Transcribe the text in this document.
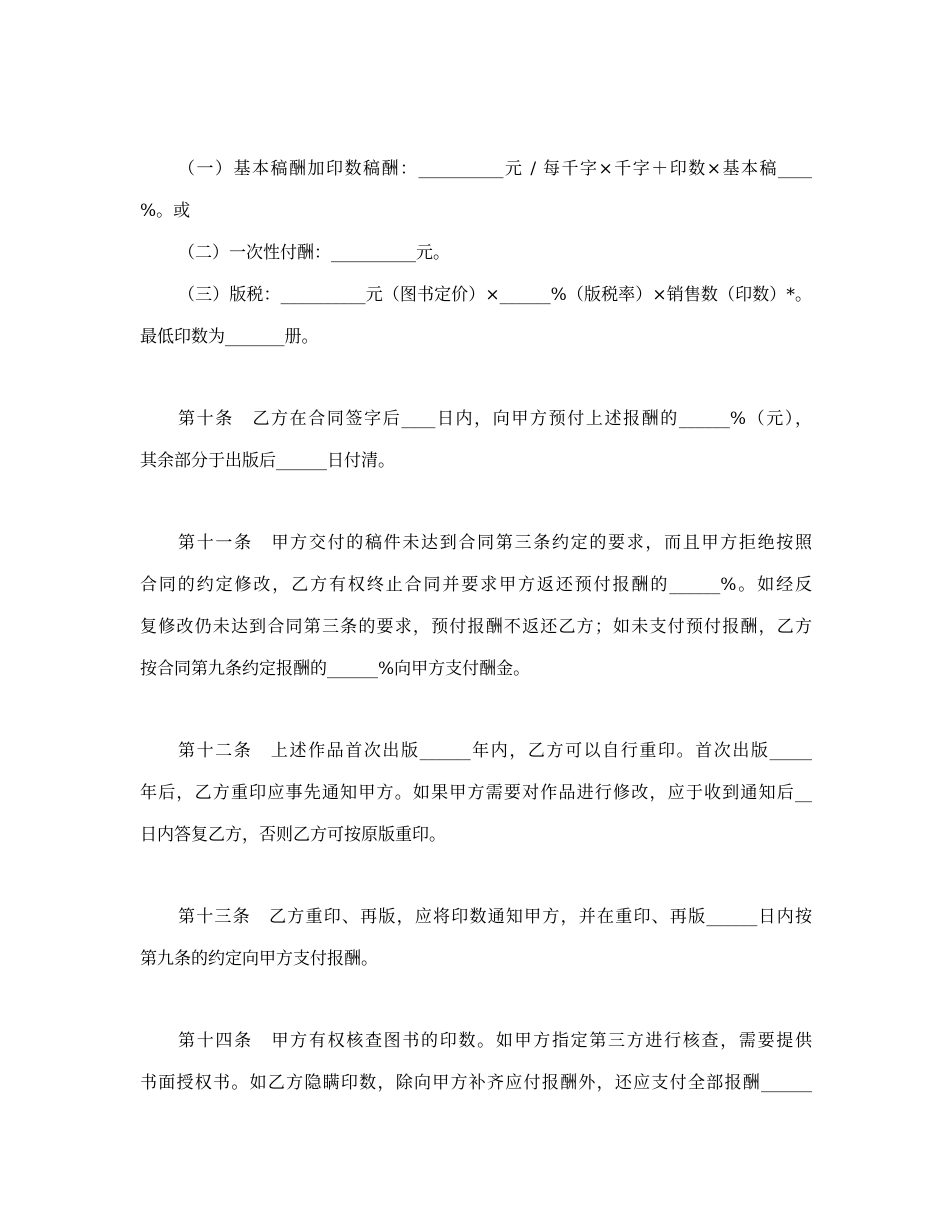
（一）基本稿酬加印数稿酬：__________元 / 每千字×千字＋印数×基本稿____
%。或
（二）一次性付酬：__________元。
（三）版税：__________元（图书定价）×______%（版税率）×销售数（印数）*。
最低印数为_______册。
第十条　乙方在合同签字后____日内，向甲方预付上述报酬的______%（元），
其余部分于出版后______日付清。
第十一条　甲方交付的稿件未达到合同第三条约定的要求，而且甲方拒绝按照
合同的约定修改，乙方有权终止合同并要求甲方返还预付报酬的______%。如经反
复修改仍未达到合同第三条的要求，预付报酬不返还乙方；如未支付预付报酬，乙方
按合同第九条约定报酬的______%向甲方支付酬金。
第十二条　上述作品首次出版______年内，乙方可以自行重印。首次出版_____
年后，乙方重印应事先通知甲方。如果甲方需要对作品进行修改，应于收到通知后__
日内答复乙方，否则乙方可按原版重印。
第十三条　乙方重印、再版，应将印数通知甲方，并在重印、再版______日内按
第九条的约定向甲方支付报酬。
第十四条　甲方有权核查图书的印数。如甲方指定第三方进行核查，需要提供
书面授权书。如乙方隐瞒印数，除向甲方补齐应付报酬外，还应支付全部报酬______
